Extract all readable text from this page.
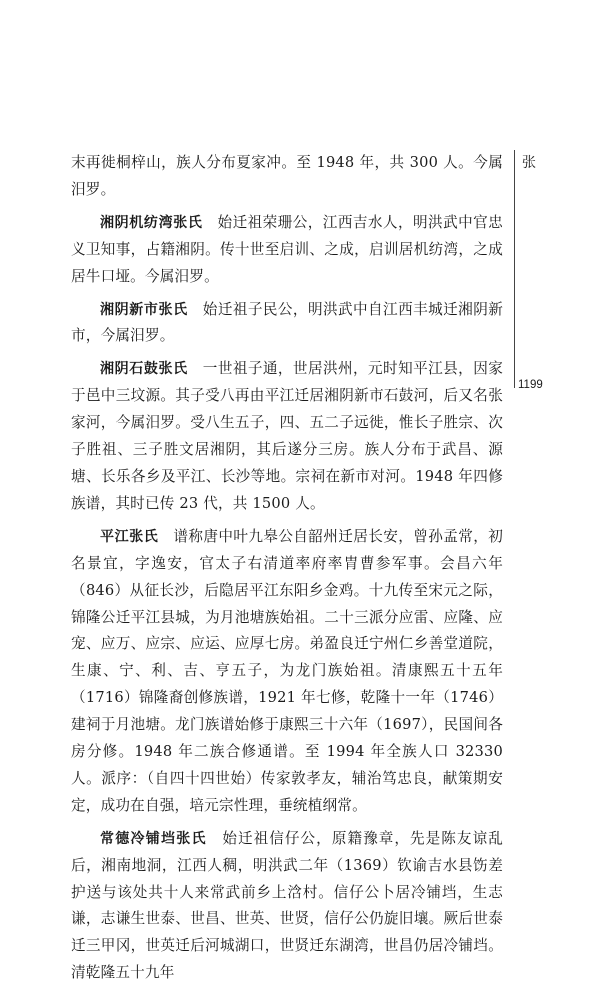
末再徙桐梓山，族人分布夏家冲。至 1948 年，共 300 人。今属汨罗。

湘阴机纺湾张氏　始迁祖荣珊公，江西吉水人，明洪武中官忠义卫知事，占籍湘阴。传十世至启训、之成，启训居机纺湾，之成居牛口垭。今属汨罗。

湘阴新市张氏　始迁祖子民公，明洪武中自江西丰城迁湘阴新市，今属汨罗。

湘阴石鼓张氏　一世祖子通，世居洪州，元时知平江县，因家于邑中三坟源。其子受八再由平江迁居湘阴新市石鼓河，后又名张家河，今属汨罗。受八生五子，四、五二子远徙，惟长子胜宗、次子胜祖、三子胜文居湘阴，其后遂分三房。族人分布于武昌、源塘、长乐各乡及平江、长沙等地。宗祠在新市对河。1948 年四修族谱，其时已传 23 代，共 1500 人。

平江张氏　谱称唐中叶九皋公自韶州迁居长安，曾孙孟常，初名景宜，字逸安，官太子右清道率府率胄曹参军事。会昌六年（846）从征长沙，后隐居平江东阳乡金鸡。十九传至宋元之际，锦隆公迁平江县城，为月池塘族始祖。二十三派分应雷、应隆、应宠、应万、应宗、应运、应厚七房。弟盈良迁宁州仁乡善堂道院，生康、宁、利、吉、亨五子，为龙门族始祖。清康熙五十五年（1716）锦隆裔创修族谱，1921 年七修，乾隆十一年（1746）建祠于月池塘。龙门族谱始修于康熙三十六年（1697），民国间各房分修。1948 年二族合修通谱。至 1994 年全族人口 32330 人。派序：（自四十四世始）传家敦孝友，辅治笃忠良，献策期安定，成功在自强，培元宗性理，垂统植纲常。

常德冷铺垱张氏　始迁祖信仔公，原籍豫章，先是陈友谅乱后，湘南地洞，江西人稠，明洪武二年（1369）钦谕吉水县饬差护送与该处共十人来常武前乡上浛村。信仔公卜居冷铺垱，生志谦，志谦生世泰、世昌、世英、世贤，信仔公仍旋旧壤。厥后世泰迁三甲冈，世英迁后河城湖口，世贤迁东湖湾，世昌仍居冷铺垱。清乾隆五十九年

张
1199
